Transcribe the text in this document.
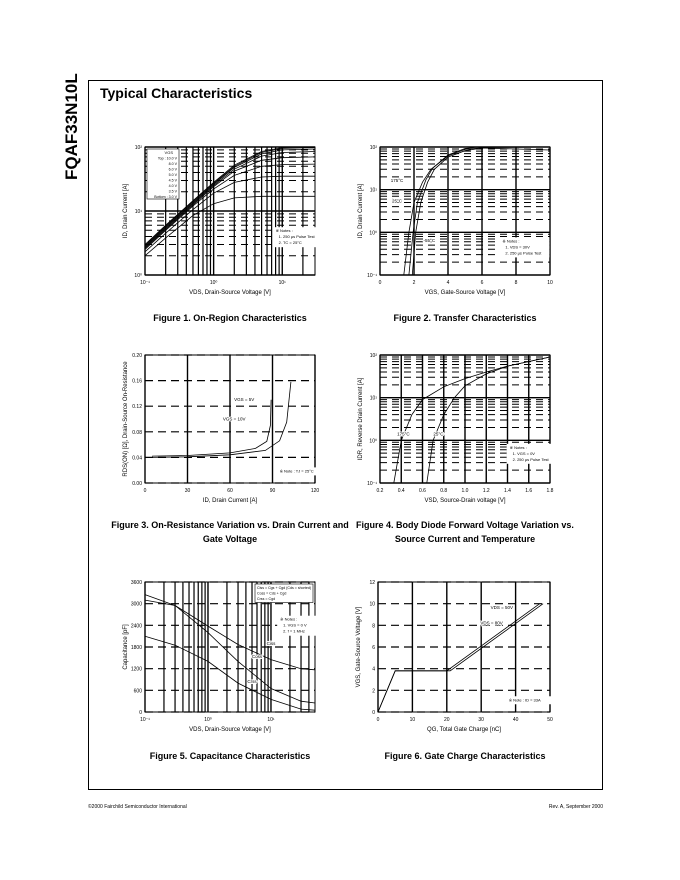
FQAF33N10L Typical Characteristics
Figure 1. On-Region Characteristics	Figure 2. Transfer Characteristics
Figure 3. On-Resistance Variation vs. Drain Current and Gate Voltage
Figure 4. Body Diode Forward Voltage Variation vs. Source Current and Temperature
Figure 5. Capacitance Characteristics	Figure 6. Gate Charge Characteristics
©2000 Fairchild Semiconductor International	Rev. A, September 2000
10⁻¹	10⁰	10¹
10⁰
10¹
10²
VDS, Drain-Source Voltage [V]
ID, Drain Current [A]
VGS
Top : 10.0 V
8.0 V
6.0 V
5.0 V
4.5 V
4.0 V
3.5 V
Bottom : 3.0 V
※ Notes :
1. 250 μs Pulse Test
2. TC = 25°C
0	2	4	6	8	10
10⁻¹
10⁰
10¹
10²
VGS, Gate-Source Voltage [V]
ID, Drain Current [A]
※ Notes :
1. VDS = 30V
2. 250 μs Pulse Test
175°C
25°C
-55°C
0	30	60	90	120
0.00
0.04
0.08
0.12
0.16
0.20
ID, Drain Current [A]
RDS(ON) [Ω], Drain-Source On-Resistance	※ Note : TJ = 25°C
VGS = 5V
VGS = 10V
0.2	0.4	0.6	0.8	1.0	1.2	1.4	1.6	1.8
10⁻¹
10⁰
10¹
10²
VSD, Source-Drain voltage [V]
IDR, Reverse Drain Current [A]	※ Notes :
1. VGS = 0V
2. 250 μs Pulse Test
175°C	25°C
10⁻¹	10⁰	10¹
0
600
1200
1800
2400
3000
3600
VDS, Drain-Source Voltage [V]
Capacitance [pF]
Ciss = Cgs + Cgd (Cds = shorted)
Coss = Cds + Cgd
Crss = Cgd
※ Notes :
1. VGS = 0 V
2. f = 1 MHz
Ciss
Coss
Crss
0	10	20	30	40	50
0
2
4
6
8
10
12
QG, Total Gate Charge [nC]
VGS, Gate-Source Voltage [V]
※ Note : ID = 33A
VDS = 50V
VDS = 80V
